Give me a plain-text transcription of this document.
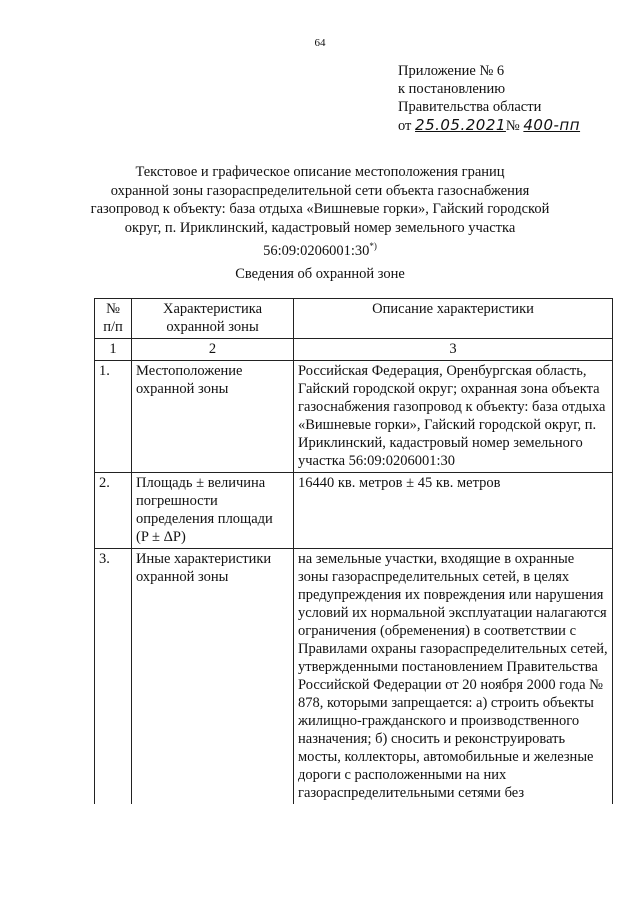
64
Приложение № 6
к постановлению
Правительства области
от 25.05.2021№ 400-пп
Текстовое и графическое описание местоположения границ
охранной зоны газораспределительной сети объекта газоснабжения
газопровод к объекту: база отдыха «Вишневые горки», Гайский городской
округ, п. Ириклинский, кадастровый номер земельного участка
56:09:0206001:30*)
Сведения об охранной зоне
№ п/п	Характеристика охранной зоны	Описание характеристики
1	2	3
1.	Местоположение охранной зоны	Российская Федерация, Оренбургская область, Гайский городской округ; охранная зона объекта газоснабжения газопровод к объекту: база отдыха «Вишневые горки», Гайский городской округ, п. Ириклинский, кадастровый номер земельного участка 56:09:0206001:30
2.	Площадь ± величина погрешности определения площади (P ± ΔP)	16440 кв. метров ± 45 кв. метров
3.	Иные характеристики охранной зоны	на земельные участки, входящие в охранные зоны газораспределительных сетей, в целях предупреждения их повреждения или нарушения условий их нормальной эксплуатации налагаются ограничения (обременения) в соответствии с Правилами охраны газораспределительных сетей, утвержденными постановлением Правительства Российской Федерации от 20 ноября 2000 года № 878, которыми запрещается: а) строить объекты жилищно-гражданского и производственного назначения; б) сносить и реконструировать мосты, коллекторы, автомобильные и железные дороги с расположенными на них газораспределительными сетями без
